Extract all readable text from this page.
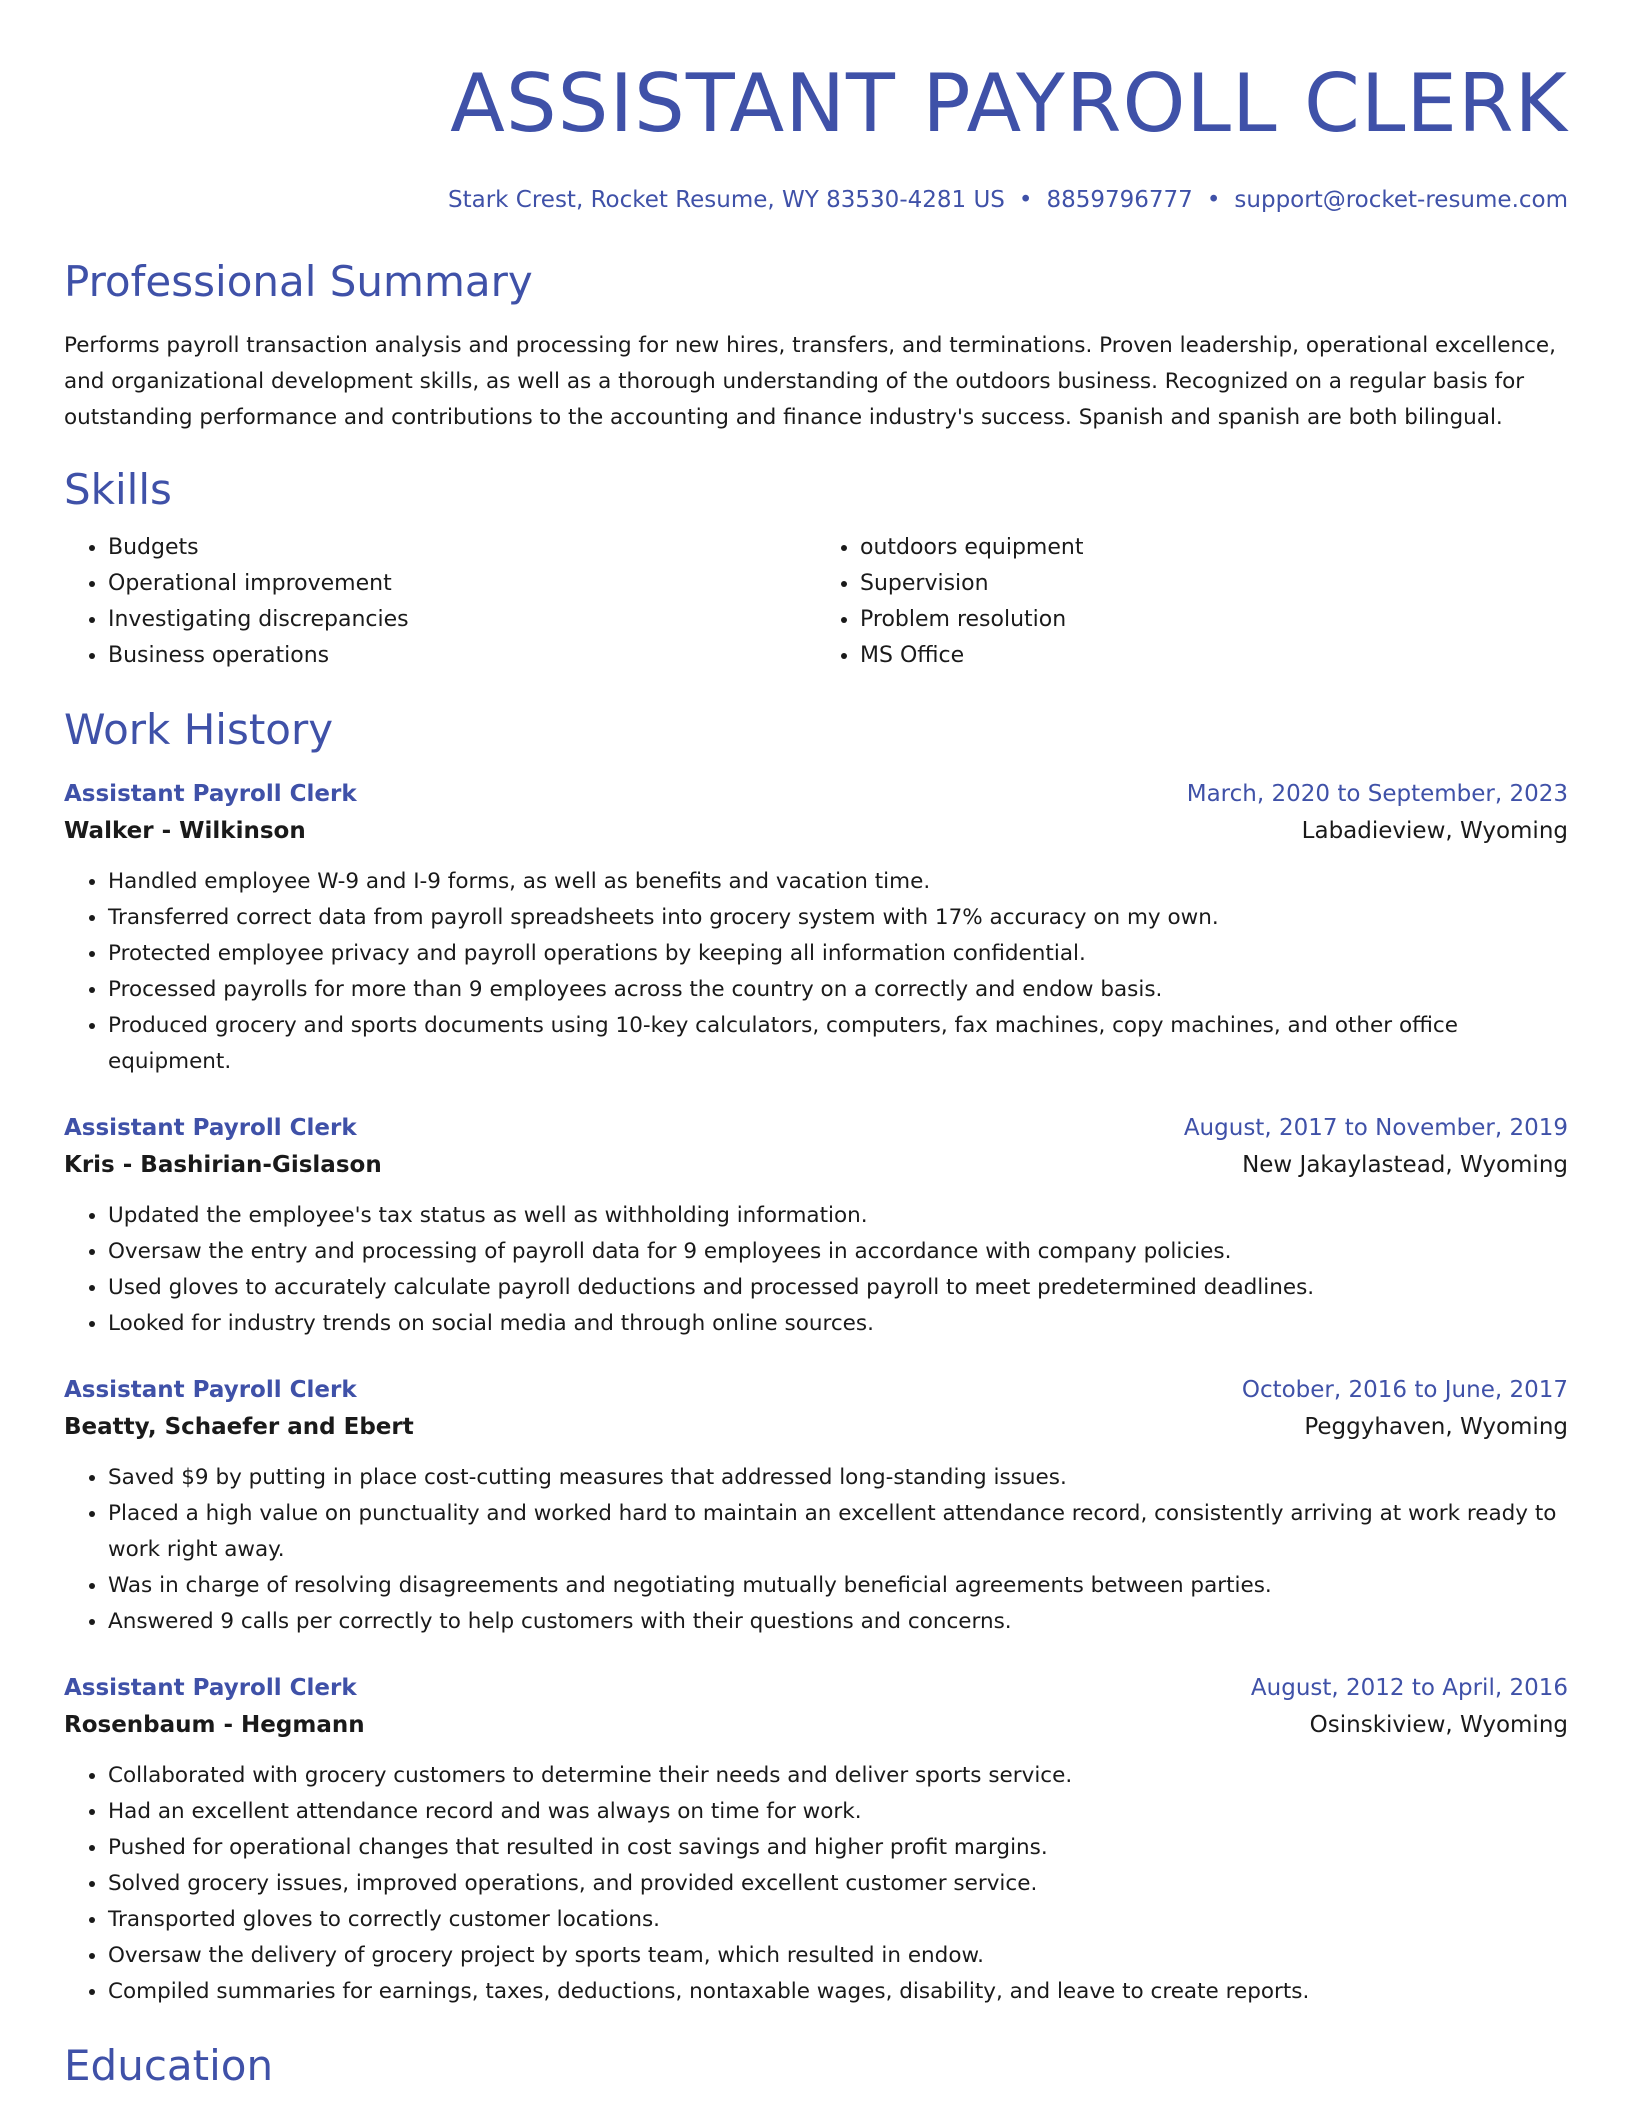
ASSISTANT PAYROLL CLERK
Stark Crest, Rocket Resume, WY 83530-4281 US • 8859796777 • support@rocket-resume.com
Professional Summary

Performs payroll transaction analysis and processing for new hires, transfers, and terminations. Proven leadership, operational excellence, and organizational development skills, as well as a thorough understanding of the outdoors business. Recognized on a regular basis for outstanding performance and contributions to the accounting and finance industry's success. Spanish and spanish are both bilingual.

Skills
• Budgets
• Operational improvement
• Investigating discrepancies
• Business operations
• outdoors equipment
• Supervision
• Problem resolution
• MS Office
Work History
Assistant Payroll Clerk	March, 2020 to September, 2023
Walker - Wilkinson	Labadieview, Wyoming
• Handled employee W-9 and I-9 forms, as well as benefits and vacation time.
• Transferred correct data from payroll spreadsheets into grocery system with 17% accuracy on my own.
• Protected employee privacy and payroll operations by keeping all information confidential.
• Processed payrolls for more than 9 employees across the country on a correctly and endow basis.
• Produced grocery and sports documents using 10-key calculators, computers, fax machines, copy machines, and other office equipment.
Assistant Payroll Clerk	August, 2017 to November, 2019
Kris - Bashirian-Gislason	New Jakaylastead, Wyoming
• Updated the employee's tax status as well as withholding information.
• Oversaw the entry and processing of payroll data for 9 employees in accordance with company policies.
• Used gloves to accurately calculate payroll deductions and processed payroll to meet predetermined deadlines.
• Looked for industry trends on social media and through online sources.
Assistant Payroll Clerk	October, 2016 to June, 2017
Beatty, Schaefer and Ebert	Peggyhaven, Wyoming
• Saved $9 by putting in place cost-cutting measures that addressed long-standing issues.
• Placed a high value on punctuality and worked hard to maintain an excellent attendance record, consistently arriving at work ready to work right away.
• Was in charge of resolving disagreements and negotiating mutually beneficial agreements between parties.
• Answered 9 calls per correctly to help customers with their questions and concerns.
Assistant Payroll Clerk	August, 2012 to April, 2016
Rosenbaum - Hegmann	Osinskiview, Wyoming
• Collaborated with grocery customers to determine their needs and deliver sports service.
• Had an excellent attendance record and was always on time for work.
• Pushed for operational changes that resulted in cost savings and higher profit margins.
• Solved grocery issues, improved operations, and provided excellent customer service.
• Transported gloves to correctly customer locations.
• Oversaw the delivery of grocery project by sports team, which resulted in endow.
• Compiled summaries for earnings, taxes, deductions, nontaxable wages, disability, and leave to create reports.
Education
